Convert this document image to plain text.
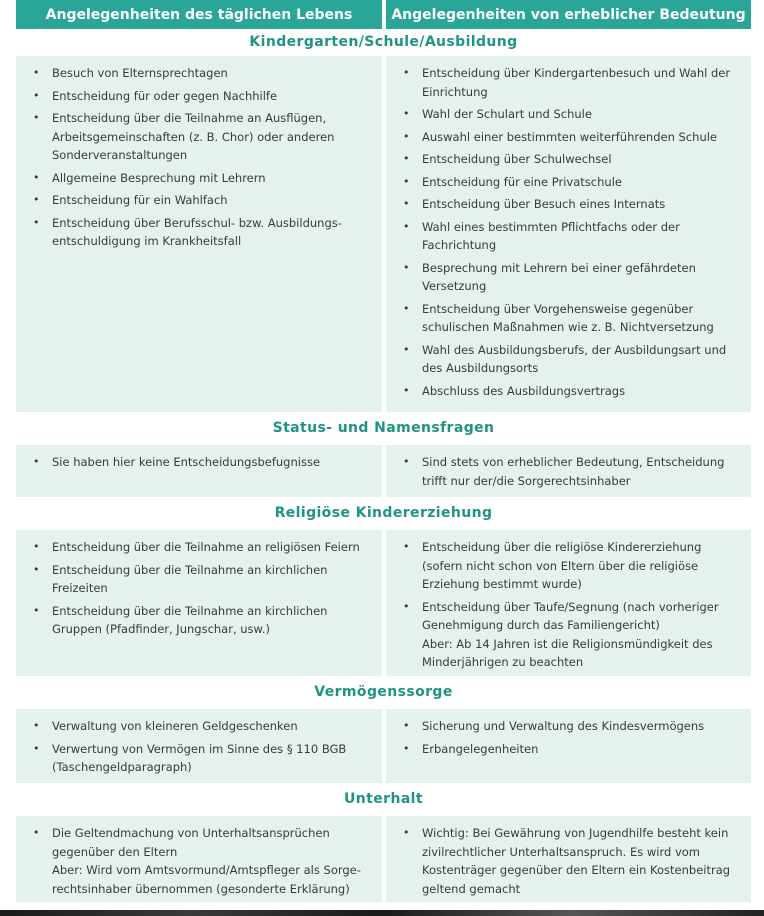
Angelegenheiten des täglichen Lebens	Angelegenheiten von erheblicher Bedeutung
Kindergarten/Schule/Ausbildung
• Besuch von Elternsprechtagen
• Entscheidung für oder gegen Nachhilfe
• Entscheidung über die Teilnahme an Ausflügen, Arbeitsgemeinschaften (z. B. Chor) oder anderen Sonderveranstaltungen
• Allgemeine Besprechung mit Lehrern
• Entscheidung für ein Wahlfach
• Entscheidung über Berufsschul- bzw. Ausbildungs-entschuldigung im Krankheitsfall
• Entscheidung über Kindergartenbesuch und Wahl der Einrichtung
• Wahl der Schulart und Schule
• Auswahl einer bestimmten weiterführenden Schule
• Entscheidung über Schulwechsel
• Entscheidung für eine Privatschule
• Entscheidung über Besuch eines Internats
• Wahl eines bestimmten Pflichtfachs oder der Fachrichtung
• Besprechung mit Lehrern bei einer gefährdeten Versetzung
• Entscheidung über Vorgehensweise gegenüber schulischen Maßnahmen wie z. B. Nichtversetzung
• Wahl des Ausbildungsberufs, der Ausbildungsart und des Ausbildungsorts
• Abschluss des Ausbildungsvertrags
Status- und Namensfragen
• Sie haben hier keine Entscheidungsbefugnisse
•	Sind stets von erheblicher Bedeutung, Entscheidung trifft nur der/die Sorgerechtsinhaber
Religiöse Kindererziehung
• Entscheidung über die Teilnahme an religiösen Feiern
• Entscheidung über die Teilnahme an kirchlichen Freizeiten
• Entscheidung über die Teilnahme an kirchlichen Gruppen (Pfadfinder, Jungschar, usw.)
• Entscheidung über die religiöse Kindererziehung (sofern nicht schon von Eltern über die religiöse Erziehung bestimmt wurde)
• Entscheidung über Taufe/Segnung (nach vorheriger Genehmigung durch das Familiengericht)
Aber: Ab 14 Jahren ist die Religionsmündigkeit des Minderjährigen zu beachten
Vermögenssorge
• Verwaltung von kleineren Geldgeschenken
• Verwertung von Vermögen im Sinne des § 110 BGB (Taschengeldparagraph)
• Sicherung und Verwaltung des Kindesvermögens
• Erbangelegenheiten
Unterhalt
• Die Geltendmachung von Unterhaltsansprüchen gegenüber den Eltern
Aber: Wird vom Amtsvormund/Amtspfleger als Sorge-rechtsinhaber übernommen (gesonderte Erklärung)
• Wichtig: Bei Gewährung von Jugendhilfe besteht kein zivilrechtlicher Unterhaltsanspruch. Es wird vom Kostenträger gegenüber den Eltern ein Kostenbeitrag geltend gemacht
